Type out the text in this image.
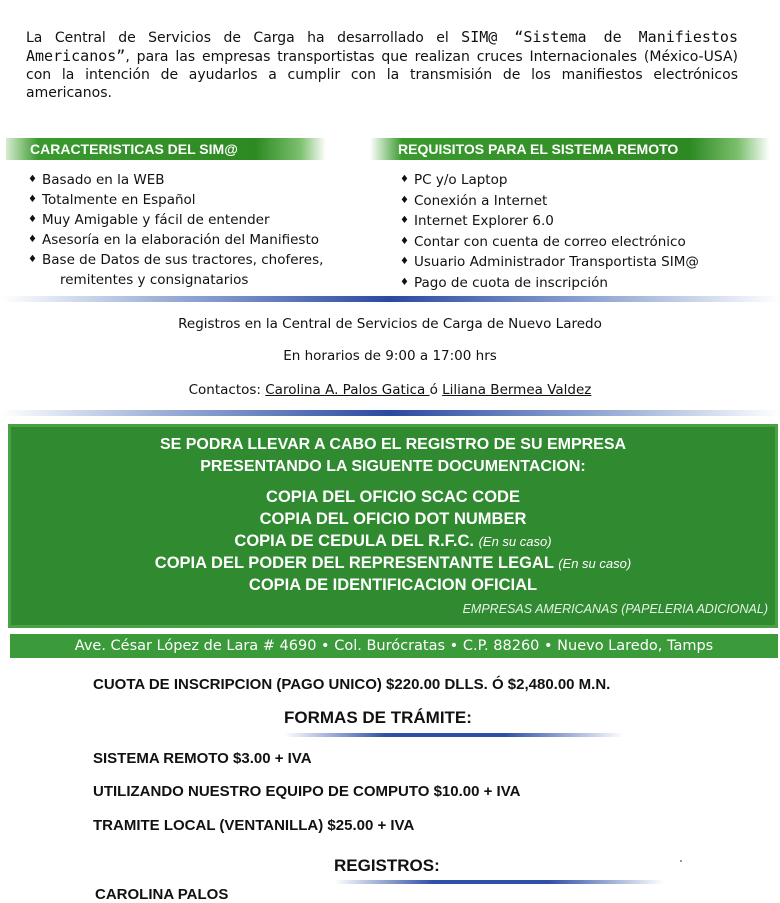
La Central de Servicios de Carga ha desarrollado el SIM@ “Sistema de Manifiestos Americanos”, para las empresas transportistas que realizan cruces Internacionales (México-USA) con la intención de ayudarlos a cumplir con la transmisión de los manifiestos electrónicos americanos.
CARACTERISTICAS DEL SIM@	REQUISITOS PARA EL SISTEMA REMOTO
♦ Basado en la WEB
♦ Totalmente en Español
♦ Muy Amigable y fácil de entender
♦ Asesoría en la elaboración del Manifiesto
♦ Base de Datos de sus tractores, choferes,
remitentes y consignatarios
♦ PC y/o Laptop
♦ Conexión a Internet
♦ Internet Explorer 6.0
♦ Contar con cuenta de correo electrónico
♦ Usuario Administrador Transportista SIM@
♦ Pago de cuota de inscripción
Registros en la Central de Servicios de Carga de Nuevo Laredo
En horarios de 9:00 a 17:00 hrs
Contactos: Carolina A. Palos Gatica ó Liliana Bermea Valdez
SE PODRA LLEVAR A CABO EL REGISTRO DE SU EMPRESA
PRESENTANDO LA SIGUENTE DOCUMENTACION:
COPIA DEL OFICIO SCAC CODE
COPIA DEL OFICIO DOT NUMBER
COPIA DE CEDULA DEL R.F.C. (En su caso)
COPIA DEL PODER DEL REPRESENTANTE LEGAL (En su caso)
COPIA DE IDENTIFICACION OFICIAL
EMPRESAS AMERICANAS (PAPELERIA ADICIONAL)
Ave. César López de Lara # 4690 • Col. Burócratas • C.P. 88260 • Nuevo Laredo, Tamps
CUOTA DE INSCRIPCION (PAGO UNICO) $220.00 DLLS. Ó $2,480.00 M.N.
FORMAS DE TRÁMITE:
SISTEMA REMOTO $3.00 + IVA
UTILIZANDO NUESTRO EQUIPO DE COMPUTO $10.00 + IVA
TRAMITE LOCAL (VENTANILLA) $25.00 + IVA
REGISTROS:
CAROLINA PALOS
